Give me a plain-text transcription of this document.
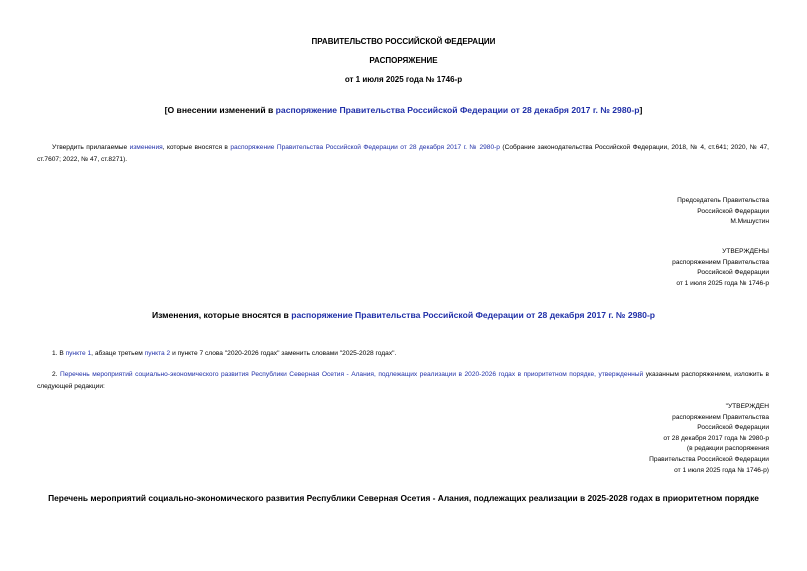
ПРАВИТЕЛЬСТВО РОССИЙСКОЙ ФЕДЕРАЦИИ
РАСПОРЯЖЕНИЕ
от 1 июля 2025 года № 1746-р
[О внесении изменений в распоряжение Правительства Российской Федерации от 28 декабря 2017 г. № 2980-р]
Утвердить прилагаемые изменения, которые вносятся в распоряжение Правительства Российской Федерации от 28 декабря 2017 г. № 2980-р (Собрание законодательства Российской Федерации, 2018, № 4, ст.641; 2020, № 47, ст.7607; 2022, № 47, ст.8271).
Председатель Правительства
Российской Федерации
М.Мишустин
УТВЕРЖДЕНЫ
распоряжением Правительства
Российской Федерации
от 1 июля 2025 года № 1746-р
Изменения, которые вносятся в распоряжение Правительства Российской Федерации от 28 декабря 2017 г. № 2980-р
1. В пункте 1, абзаце третьем пункта 2 и пункте 7 слова "2020-2026 годах" заменить словами "2025-2028 годах".
2. Перечень мероприятий социально-экономического развития Республики Северная Осетия - Алания, подлежащих реализации в 2020-2026 годах в приоритетном порядке, утвержденный указанным распоряжением, изложить в следующей редакции:
"УТВЕРЖДЕН
распоряжением Правительства
Российской Федерации
от 28 декабря 2017 года № 2980-р
(в редакции распоряжения
Правительства Российской Федерации
от 1 июля 2025 года № 1746-р)
Перечень мероприятий социально-экономического развития Республики Северная Осетия - Алания, подлежащих реализации в 2025-2028 годах в приоритетном порядке
